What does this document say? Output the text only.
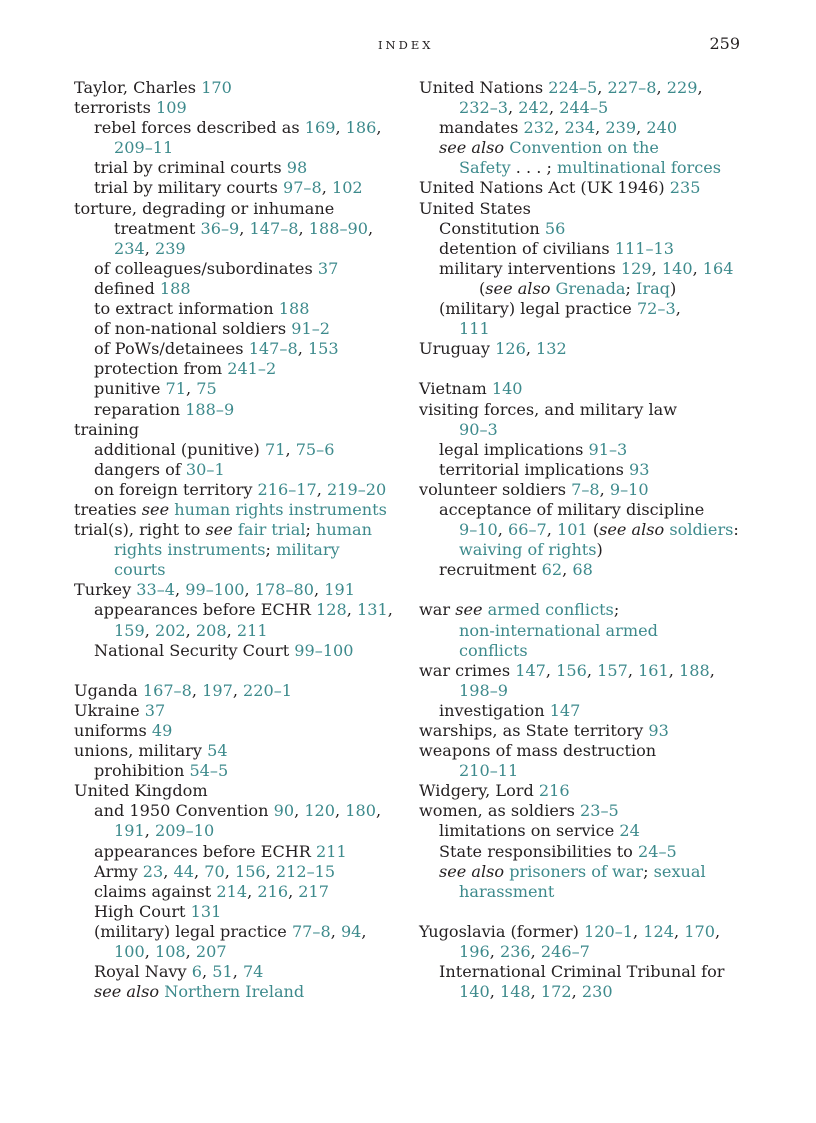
INDEX	259
Taylor, Charles 170
terrorists 109
rebel forces described as 169, 186,
209–11
trial by criminal courts 98
trial by military courts 97–8, 102
torture, degrading or inhumane
treatment 36–9, 147–8, 188–90,
234, 239
of colleagues/subordinates 37
defined 188
to extract information 188
of non-national soldiers 91–2
of PoWs/detainees 147–8, 153
protection from 241–2
punitive 71, 75
reparation 188–9
training
additional (punitive) 71, 75–6
dangers of 30–1
on foreign territory 216–17, 219–20
treaties see human rights instruments
trial(s), right to see fair trial; human
rights instruments; military
courts
Turkey 33–4, 99–100, 178–80, 191
appearances before ECHR 128, 131,
159, 202, 208, 211
National Security Court 99–100
Uganda 167–8, 197, 220–1
Ukraine 37
uniforms 49
unions, military 54
prohibition 54–5
United Kingdom
and 1950 Convention 90, 120, 180,
191, 209–10
appearances before ECHR 211
Army 23, 44, 70, 156, 212–15
claims against 214, 216, 217
High Court 131
(military) legal practice 77–8, 94,
100, 108, 207
Royal Navy 6, 51, 74
see also Northern Ireland
United Nations 224–5, 227–8, 229,
232–3, 242, 244–5
mandates 232, 234, 239, 240
see also Convention on the
Safety . . . ; multinational forces
United Nations Act (UK 1946) 235
United States
Constitution 56
detention of civilians 111–13
military interventions 129, 140, 164
(see also Grenada; Iraq)
(military) legal practice 72–3,
111
Uruguay 126, 132
Vietnam 140
visiting forces, and military law
90–3
legal implications 91–3
territorial implications 93
volunteer soldiers 7–8, 9–10
acceptance of military discipline
9–10, 66–7, 101 (see also soldiers:
waiving of rights)
recruitment 62, 68
war see armed conflicts;
non-international armed
conflicts
war crimes 147, 156, 157, 161, 188,
198–9
investigation 147
warships, as State territory 93
weapons of mass destruction
210–11
Widgery, Lord 216
women, as soldiers 23–5
limitations on service 24
State responsibilities to 24–5
see also prisoners of war; sexual
harassment
Yugoslavia (former) 120–1, 124, 170,
196, 236, 246–7
International Criminal Tribunal for
140, 148, 172, 230
